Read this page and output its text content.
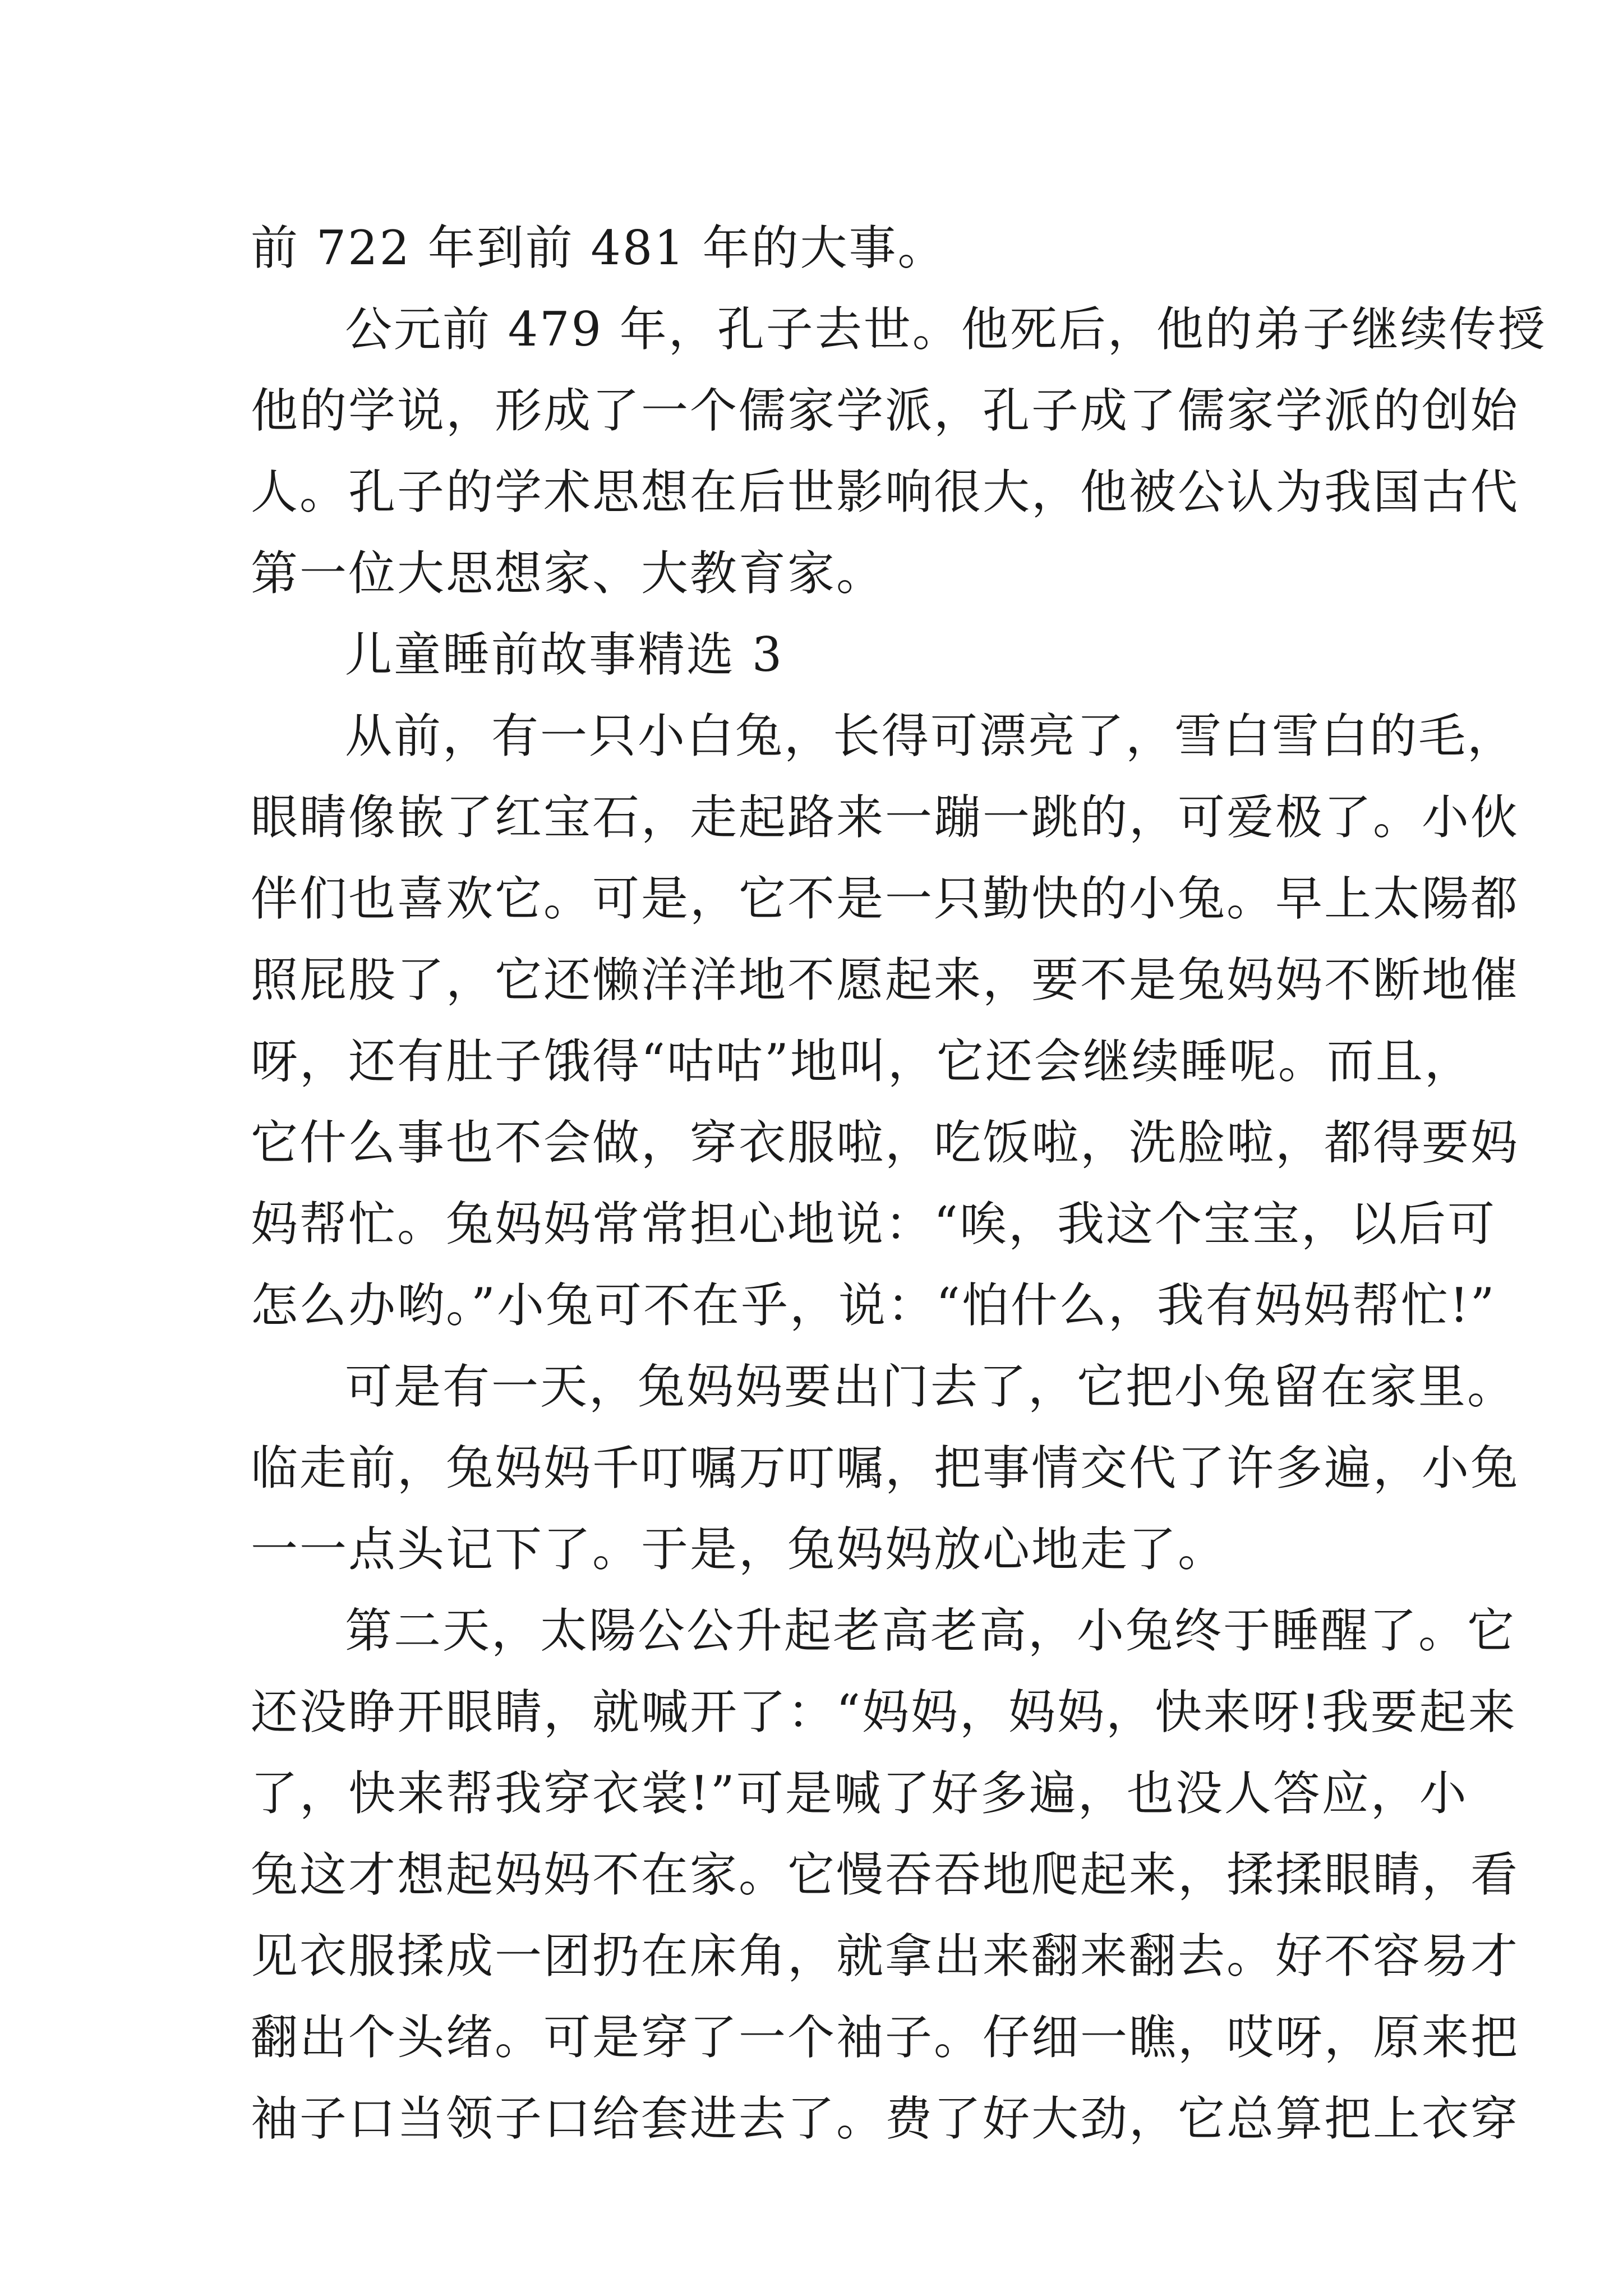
前 722 年到前 481 年的大事。
公元前 479 年，孔子去世。他死后，他的弟子继续传授
他的学说，形成了一个儒家学派，孔子成了儒家学派的创始
人。孔子的学术思想在后世影响很大，他被公认为我国古代
第一位大思想家、大教育家。
儿童睡前故事精选 3
从前，有一只小白兔，长得可漂亮了，雪白雪白的毛，
眼睛像嵌了红宝石，走起路来一蹦一跳的，可爱极了。小伙
伴们也喜欢它。可是，它不是一只勤快的小兔。早上太陽都
照屁股了，它还懒洋洋地不愿起来，要不是兔妈妈不断地催
呀，还有肚子饿得“咕咕”地叫，它还会继续睡呢。而且，
它什么事也不会做，穿衣服啦，吃饭啦，洗脸啦，都得要妈
妈帮忙。兔妈妈常常担心地说：“唉，我这个宝宝，以后可
怎么办哟。”小兔可不在乎，说：“怕什么，我有妈妈帮忙!”
可是有一天，兔妈妈要出门去了，它把小兔留在家里。
临走前，兔妈妈千叮嘱万叮嘱，把事情交代了许多遍，小兔
一一点头记下了。于是，兔妈妈放心地走了。
第二天，太陽公公升起老高老高，小兔终于睡醒了。它
还没睁开眼睛，就喊开了：“妈妈，妈妈，快来呀!我要起来
了，快来帮我穿衣裳!”可是喊了好多遍，也没人答应，小
兔这才想起妈妈不在家。它慢吞吞地爬起来，揉揉眼睛，看
见衣服揉成一团扔在床角，就拿出来翻来翻去。好不容易才
翻出个头绪。可是穿了一个袖子。仔细一瞧，哎呀，原来把
袖子口当领子口给套进去了。费了好大劲，它总算把上衣穿
